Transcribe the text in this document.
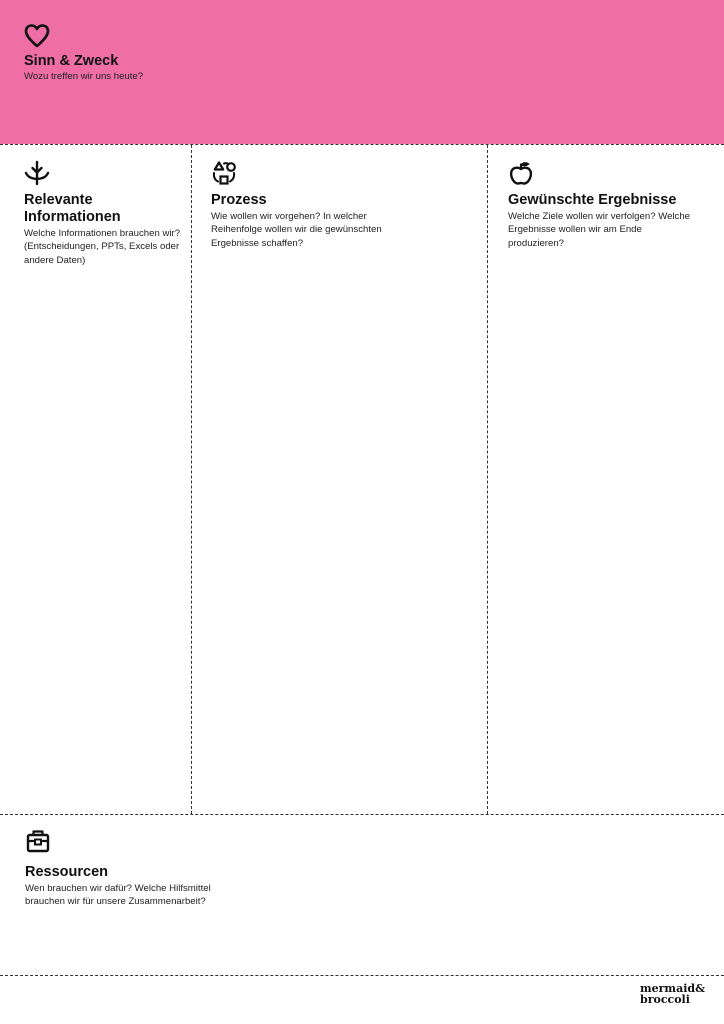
Sinn & Zweck
Wozu treffen wir uns heute?
Relevante Informationen
Welche Informationen brauchen wir? (Entscheidungen, PPTs, Excels oder andere Daten)
Prozess
Wie wollen wir vorgehen? In welcher Reihenfolge wollen wir die gewünschten Ergebnisse schaffen?
Gewünschte Ergebnisse
Welche Ziele wollen wir verfolgen? Welche Ergebnisse wollen wir am Ende produzieren?
Ressourcen
Wen brauchen wir dafür? Welche Hilfsmittel brauchen wir für unsere Zusammenarbeit?
mermaid&
broccoli
